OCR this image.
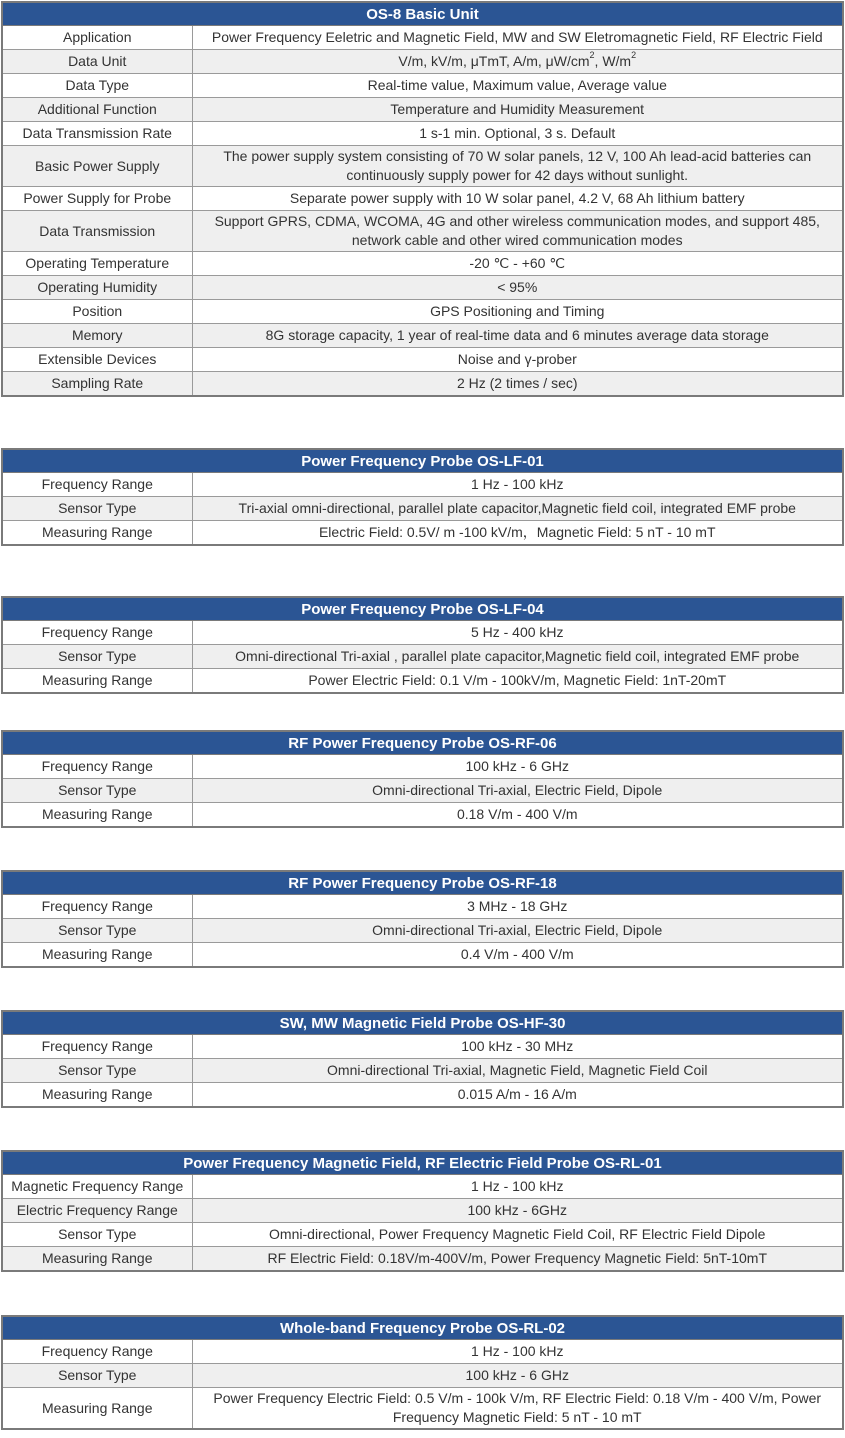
OS-8 Basic Unit	
Application	Power Frequency Eeletric and Magnetic Field, MW and SW Eletromagnetic Field, RF Electric Field
Data Unit	V/m, kV/m, μTmT, A/m, $\mu W/cm^2$, $W/m^2$
Data Type	Real-time value, Maximum value, Average value
Additional Function	Temperature and Humidity Measurement
Data Transmission Rate	1 s-1 min. Optional, 3 s. Default
Basic Power Supply	The power supply system consisting of 70 W solar panels, 12 V, 100 Ah lead-acid batteries can continuously supply power for 42 days without sunlight.
Power Supply for Probe	Separate power supply with 10 W solar panel, 4.2 V, 68 Ah lithium battery
Data Transmission	Support GPRS, CDMA, WCOMA, 4G and other wireless communication modes, and support 485, network cable and other wired communication modes
Operating Temperature	-20 ℃ - +60 ℃
Operating Humidity	< 95%
Position	GPS Positioning and Timing
Memory	8G storage capacity, 1 year of real-time data and 6 minutes average data storage
Extensible Devices	Noise and γ-prober
Sampling Rate	2 Hz (2 times / sec)
Power Frequency Probe OS-LF-01	
Frequency Range	1 Hz - 100 kHz
Sensor Type	Tri-axial omni-directional, parallel plate capacitor,Magnetic field coil, integrated EMF probe
Measuring Range	Electric Field: 0.5V/ m -100 kV/m，Magnetic Field: 5 nT - 10 mT
Power Frequency Probe OS-LF-04	
Frequency Range	5 Hz - 400 kHz
Sensor Type	Omni-directional Tri-axial , parallel plate capacitor,Magnetic field coil, integrated EMF probe
Measuring Range	Power Electric Field: 0.1 V/m - 100kV/m, Magnetic Field: 1nT-20mT
RF Power Frequency Probe OS-RF-06	
Frequency Range	100 kHz - 6 GHz
Sensor Type	Omni-directional Tri-axial, Electric Field, Dipole
Measuring Range	0.18 V/m - 400 V/m
RF Power Frequency Probe OS-RF-18	
Frequency Range	3 MHz - 18 GHz
Sensor Type	Omni-directional Tri-axial, Electric Field, Dipole
Measuring Range	0.4 V/m - 400 V/m
SW, MW Magnetic Field Probe OS-HF-30	
Frequency Range	100 kHz - 30 MHz
Sensor Type	Omni-directional Tri-axial, Magnetic Field, Magnetic Field Coil
Measuring Range	0.015 A/m - 16 A/m
Power Frequency Magnetic Field, RF Electric Field Probe OS-RL-01	
Magnetic Frequency Range	1 Hz - 100 kHz
Electric Frequency Range	100 kHz - 6GHz
Sensor Type	Omni-directional, Power Frequency Magnetic Field Coil, RF Electric Field Dipole
Measuring Range	RF Electric Field: 0.18V/m-400V/m, Power Frequency Magnetic Field: 5nT-10mT
Whole-band Frequency Probe OS-RL-02	
Frequency Range	1 Hz - 100 kHz
Sensor Type	100 kHz - 6 GHz
Measuring Range	Power Frequency Electric Field: 0.5 V/m - 100k V/m, RF Electric Field: 0.18 V/m - 400 V/m, Power Frequency Magnetic Field: 5 nT - 10 mT
